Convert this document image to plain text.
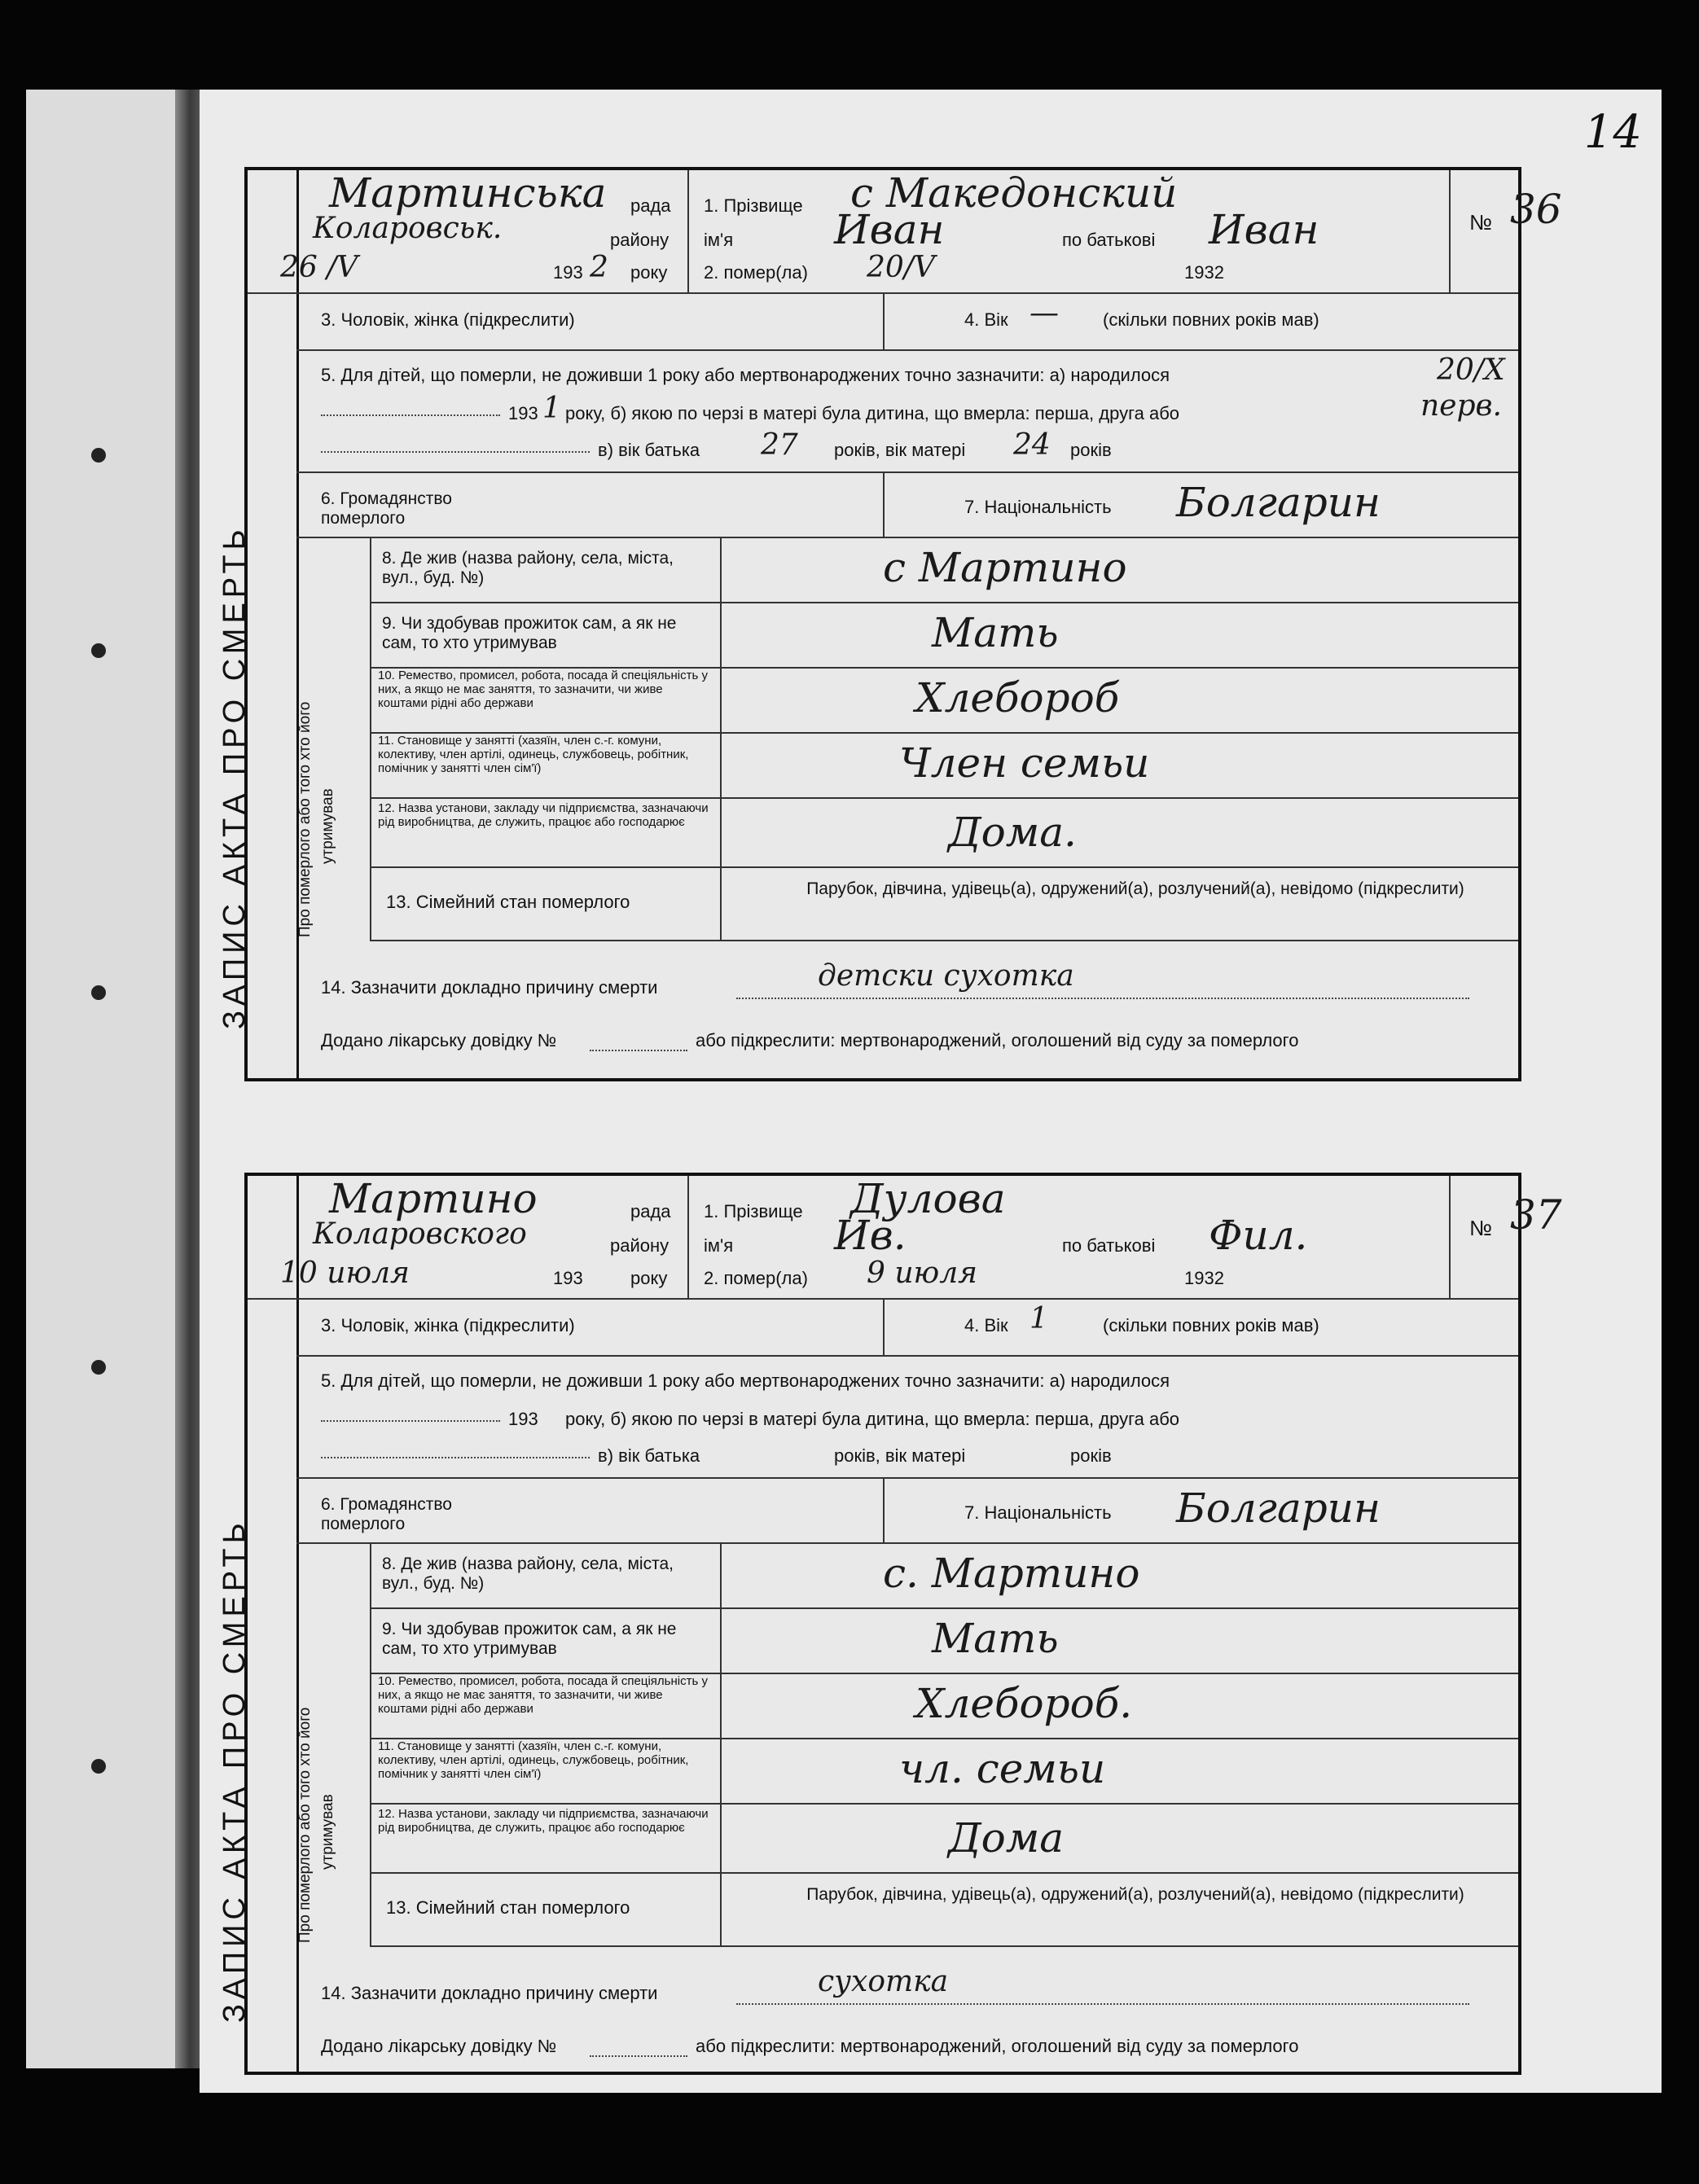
14
ЗАПИС АКТА ПРО СМЕРТЬ
Мартинська рада
Коларовськ.	району
26 /V	193 2 року
1. Прізвище с Македонский
ім'я Иван	по батькові Иван
2. помер(ла) 20/V	1932
№ 36
3. Чоловік, жінка (підкреслити)	4. Вік — (скільки повних років мав)
5. Для дітей, що померли, не доживши 1 року або мертвонароджених точно зазначити: а) народилося	20/X
193 1 року, б) якою по черзі в матері була дитина, що вмерла: перша, друга або	перв.
в) вік батька 27 років, вік матері 24 років
6. Громадянство померлого
7. Національність Болгарин
Про померлого або того хто його утримував
8. Де жив (назва району, села, міста, вул., буд. №)	с Мартино
9. Чи здобував прожиток сам, а як не сам, то хто утримував	Мать
10. Ремество, промисел, робота, посада й спеціяльність у них, а якщо не має заняття, то зазначити, чи живе коштами рідні або держави	Хлебороб
11. Становище у занятті (хазяїн, член с.-г. комуни, колективу, член артілі, одинець, службовець, робітник, помічник у занятті член сім'ї)	Член семьи
12. Назва установи, закладу чи підприємства, зазначаючи рід виробництва, де служить, працює або господарює	Дома.
13. Сімейний стан померлого
Парубок, дівчина, удівець(а), одружений(а), розлучений(а), невідомо (підкреслити)
14. Зазначити докладно причину смерти	детски сухотка
Додано лікарську довідку №	або підкреслити: мертвонароджений, оголошений від суду за померлого
ЗАПИС АКТА ПРО СМЕРТЬ
Мартино	рада
Коларовского	району
10 июля	193	року
1. Прізвище Дулова
ім'я Ив.	по батькові Фил.
2. помер(ла) 9 июля	1932
№ 37
3. Чоловік, жінка (підкреслити)	4. Вік 1	(скільки повних років мав)
5. Для дітей, що померли, не доживши 1 року або мертвонароджених точно зазначити: а) народилося
193 року, б) якою по черзі в матері була дитина, що вмерла: перша, друга або
в) вік батька	років, вік матері	років
6. Громадянство померлого
7. Національність Болгарин
Про померлого або того хто його утримував
8. Де жив (назва району, села, міста, вул., буд. №)	с. Мартино
9. Чи здобував прожиток сам, а як не сам, то хто утримував	Мать
10. Ремество, промисел, робота, посада й спеціяльність у них, а якщо не має заняття, то зазначити, чи живе коштами рідні або держави	Хлебороб.
11. Становище у занятті (хазяїн, член с.-г. комуни, колективу, член артілі, одинець, службовець, робітник, помічник у занятті член сім'ї)	чл. семьи
12. Назва установи, закладу чи підприємства, зазначаючи рід виробництва, де служить, працює або господарює	Дома
13. Сімейний стан померлого
Парубок, дівчина, удівець(а), одружений(а), розлучений(а), невідомо (підкреслити)
14. Зазначити докладно причину смерти	сухотка
Додано лікарську довідку №	або підкреслити: мертвонароджений, оголошений від суду за померлого
